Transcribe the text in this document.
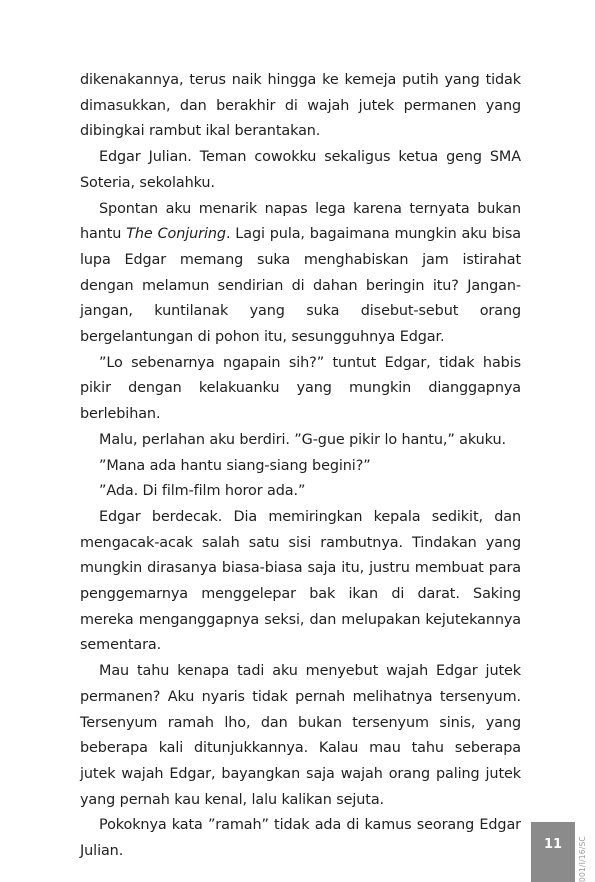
dikenakannya, terus naik hingga ke kemeja putih yang tidak dimasukkan, dan berakhir di wajah jutek permanen yang dibingkai rambut ikal berantakan.

Edgar Julian. Teman cowokku sekaligus ketua geng SMA Soteria, sekolahku.

Spontan aku menarik napas lega karena ternyata bukan hantu The Conjuring. Lagi pula, bagaimana mungkin aku bisa lupa Edgar memang suka menghabiskan jam istirahat dengan melamun sendirian di dahan beringin itu? Jangan-jangan, kuntilanak yang suka disebut-sebut orang bergelantungan di pohon itu, sesungguhnya Edgar.

”Lo sebenarnya ngapain sih?” tuntut Edgar, tidak habis pikir dengan kelakuanku yang mungkin dianggapnya berlebihan.

Malu, perlahan aku berdiri. ”G-gue pikir lo hantu,” akuku.

”Mana ada hantu siang-siang begini?”

”Ada. Di film-film horor ada.”

Edgar berdecak. Dia memiringkan kepala sedikit, dan mengacak-acak salah satu sisi rambutnya. Tindakan yang mungkin dirasanya biasa-biasa saja itu, justru membuat para penggemarnya menggelepar bak ikan di darat. Saking mereka menganggapnya seksi, dan melupakan kejutekannya sementara.

Mau tahu kenapa tadi aku menyebut wajah Edgar jutek permanen? Aku nyaris tidak pernah melihatnya tersenyum. Tersenyum ramah lho, dan bukan tersenyum sinis, yang beberapa kali ditunjukkannya. Kalau mau tahu seberapa jutek wajah Edgar, bayangkan saja wajah orang paling jutek yang pernah kau kenal, lalu kalikan sejuta.

Pokoknya kata ”ramah” tidak ada di kamus seorang Edgar Julian.	11	001/I/16/SC
